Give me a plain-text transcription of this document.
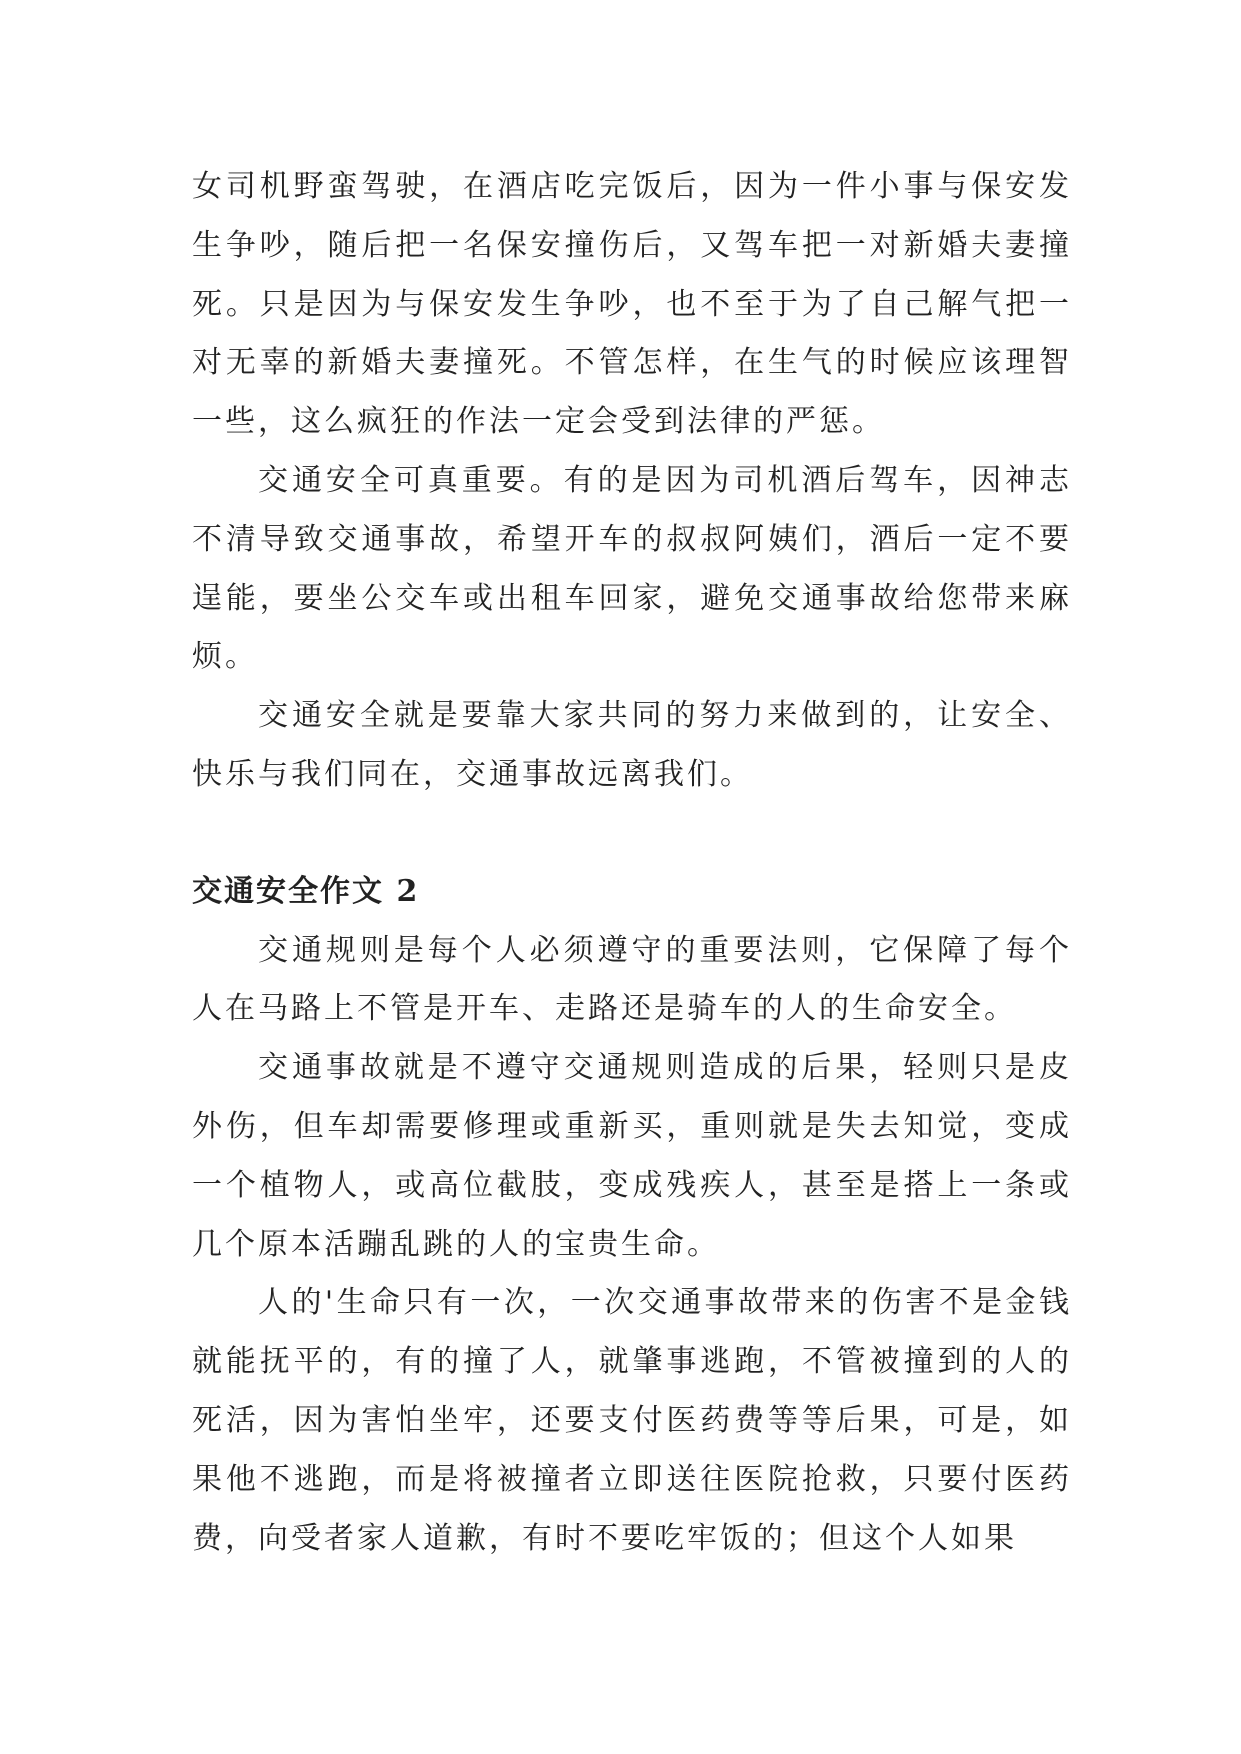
女司机野蛮驾驶，在酒店吃完饭后，因为一件小事与保安发生争吵，随后把一名保安撞伤后，又驾车把一对新婚夫妻撞死。只是因为与保安发生争吵，也不至于为了自己解气把一对无辜的新婚夫妻撞死。不管怎样，在生气的时候应该理智一些，这么疯狂的作法一定会受到法律的严惩。

交通安全可真重要。有的是因为司机酒后驾车，因神志不清导致交通事故，希望开车的叔叔阿姨们，酒后一定不要逞能，要坐公交车或出租车回家，避免交通事故给您带来麻烦。

交通安全就是要靠大家共同的努力来做到的，让安全、快乐与我们同在，交通事故远离我们。

交通安全作文 2

交通规则是每个人必须遵守的重要法则，它保障了每个人在马路上不管是开车、走路还是骑车的人的生命安全。

交通事故就是不遵守交通规则造成的后果，轻则只是皮外伤，但车却需要修理或重新买，重则就是失去知觉，变成一个植物人，或高位截肢，变成残疾人，甚至是搭上一条或几个原本活蹦乱跳的人的宝贵生命。

人的'生命只有一次，一次交通事故带来的伤害不是金钱就能抚平的，有的撞了人，就肇事逃跑，不管被撞到的人的死活，因为害怕坐牢，还要支付医药费等等后果，可是，如果他不逃跑，而是将被撞者立即送往医院抢救，只要付医药费，向受者家人道歉，有时不要吃牢饭的；但这个人如果
